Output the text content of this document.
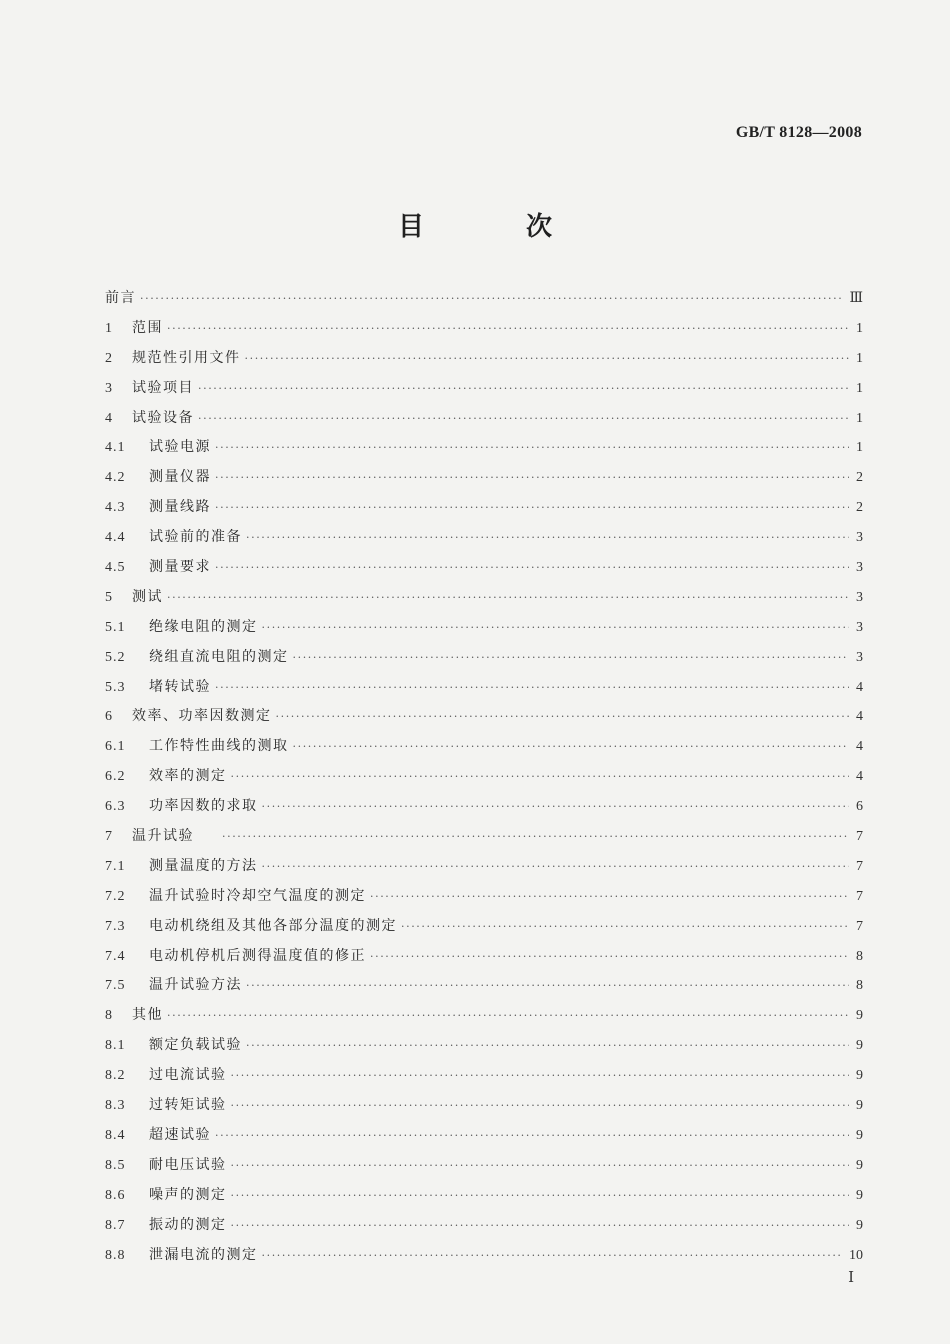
GB/T 8128—2008
目　次
前言 ·····	Ⅲ
1	范围 ·····	1
2	规范性引用文件 ·····	1
3	试验项目 ·····	1
4	试验设备 ·····	1
4.1	试验电源 ·····	1
4.2	测量仪器 ·····	2
4.3	测量线路 ·····	2
4.4	试验前的准备 ·····	3
4.5	测量要求 ·····	3
5	测试 ·····	3
5.1	绝缘电阻的测定 ·····	3
5.2	绕组直流电阻的测定 ·····	3
5.3	堵转试验 ·····	4
6	效率、功率因数测定 ·····	4
6.1	工作特性曲线的测取 ·····	4
6.2	效率的测定 ·····	4
6.3	功率因数的求取 ·····	6
7	温升试验 ·····	7
7.1	测量温度的方法 ·····	7
7.2	温升试验时冷却空气温度的测定 ·····	7
7.3	电动机绕组及其他各部分温度的测定 ·····	7
7.4	电动机停机后测得温度值的修正 ·····	8
7.5	温升试验方法 ·····	8
8	其他 ·····	9
8.1	额定负载试验 ·····	9
8.2	过电流试验 ·····	9
8.3	过转矩试验 ·····	9
8.4	超速试验 ·····	9
8.5	耐电压试验 ·····	9
8.6	噪声的测定 ·····	9
8.7	振动的测定 ·····	9
8.8	泄漏电流的测定 ·····	10
Ⅰ
